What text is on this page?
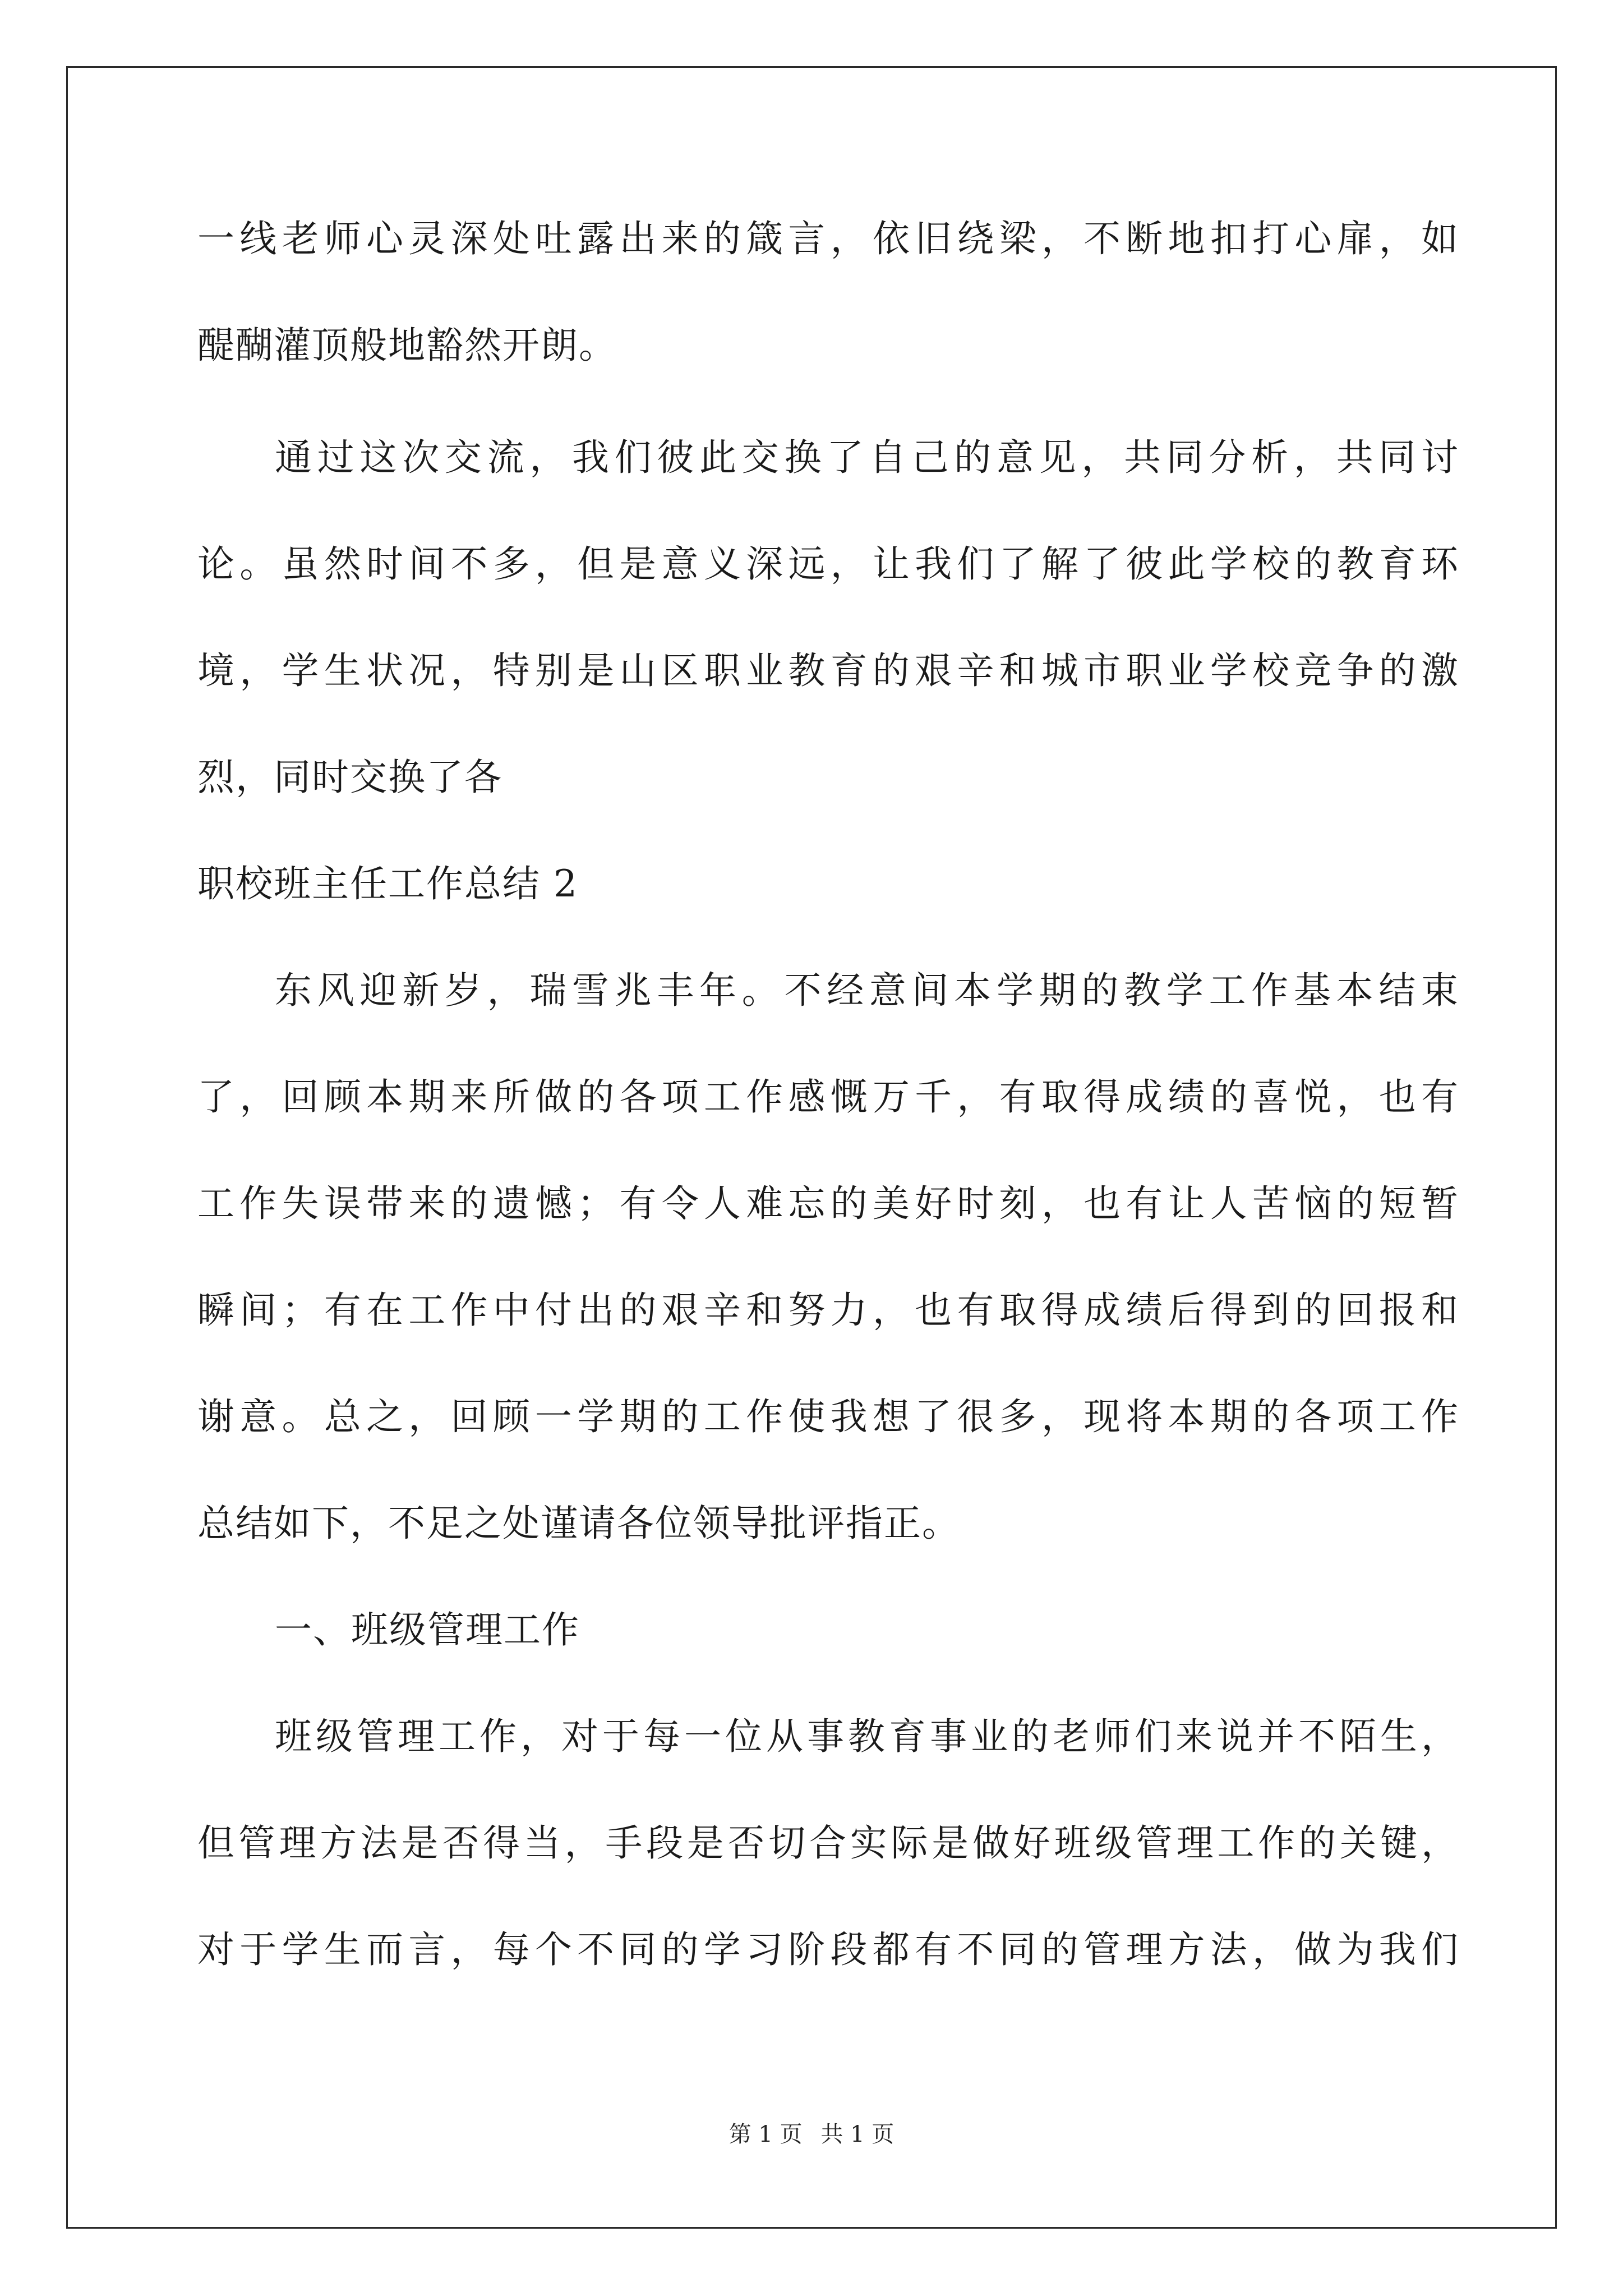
一线老师心灵深处吐露出来的箴言，依旧绕梁，不断地扣打心扉，如
醍醐灌顶般地豁然开朗。
通过这次交流，我们彼此交换了自己的意见，共同分析，共同讨
论。虽然时间不多，但是意义深远，让我们了解了彼此学校的教育环
境，学生状况，特别是山区职业教育的艰辛和城市职业学校竞争的激
烈，同时交换了各
职校班主任工作总结 2
东风迎新岁，瑞雪兆丰年。不经意间本学期的教学工作基本结束
了，回顾本期来所做的各项工作感慨万千，有取得成绩的喜悦，也有
工作失误带来的遗憾；有令人难忘的美好时刻，也有让人苦恼的短暂
瞬间；有在工作中付出的艰辛和努力，也有取得成绩后得到的回报和
谢意。总之，回顾一学期的工作使我想了很多，现将本期的各项工作
总结如下，不足之处谨请各位领导批评指正。
一、班级管理工作
班级管理工作，对于每一位从事教育事业的老师们来说并不陌生，
但管理方法是否得当，手段是否切合实际是做好班级管理工作的关键，
对于学生而言，每个不同的学习阶段都有不同的管理方法，做为我们
第 1 页 共 1 页
